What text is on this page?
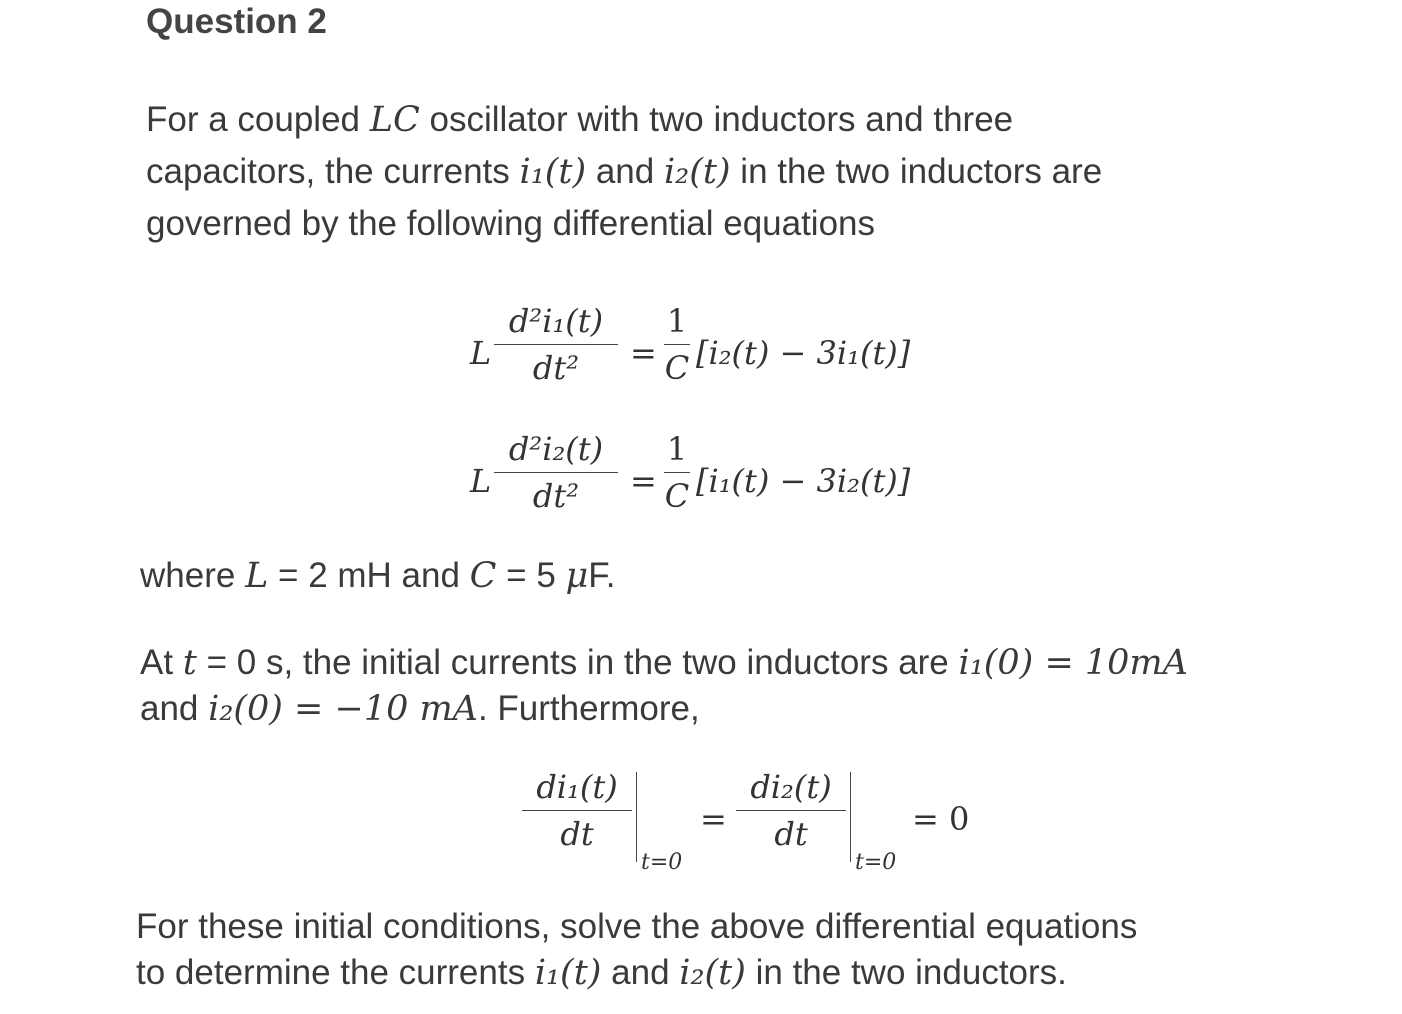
Question 2
For a coupled LC oscillator with two inductors and three
capacitors, the currents i₁(t) and i₂(t) in the two inductors are
governed by the following differential equations
L
d²i₁(t)
dt²	=
1
C [i₂(t) − 3i₁(t)]
L
d²i₂(t)
dt²	=
1
C [i₁(t) − 3i₂(t)]
where L = 2 mH and C = 5 μF.
At t = 0 s, the initial currents in the two inductors are i₁(0) = 10mA
and i₂(0) = −10 mA. Furthermore,
di₁(t)
dt
t=0
=
di₂(t)
dt
t=0
= 0
For these initial conditions, solve the above differential equations
to determine the currents i₁(t) and i₂(t) in the two inductors.
